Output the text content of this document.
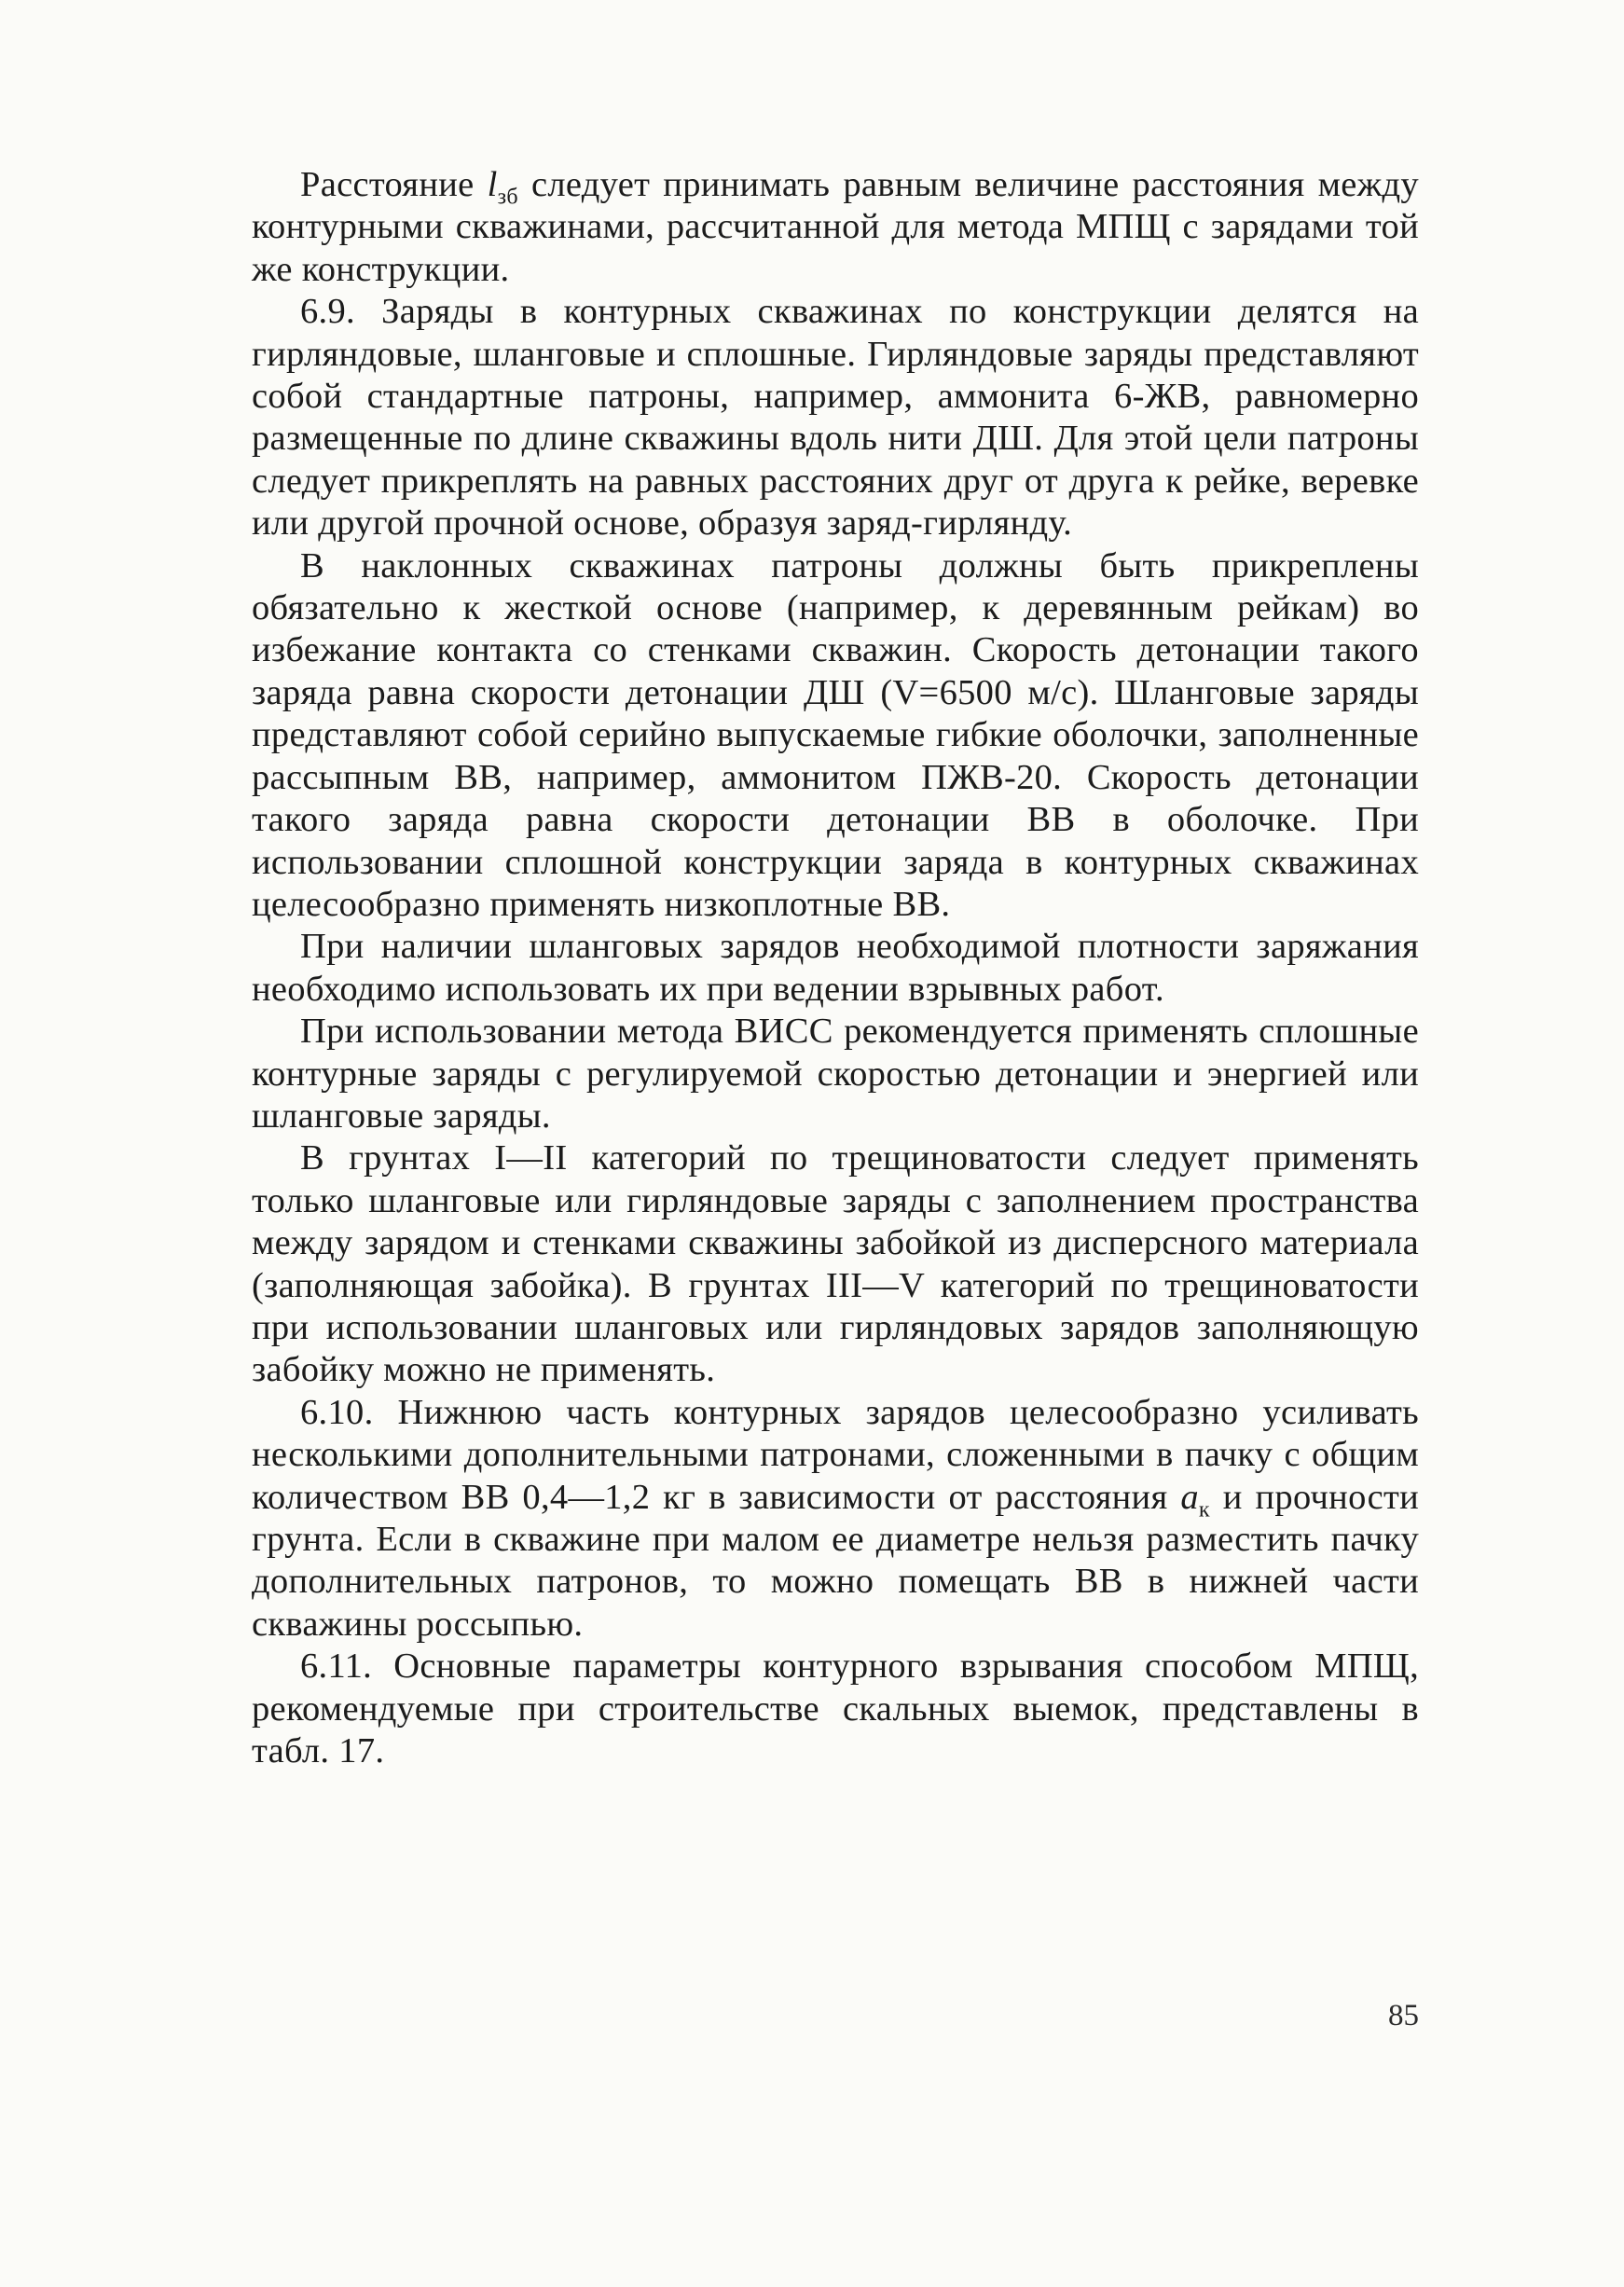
Расстояние $l_{зб}$ следует принимать равным величине расстояния между контурными скважинами, рассчитанной для метода МПЩ с зарядами той же конструкции.

6.9. Заряды в контурных скважинах по конструкции делятся на гирляндовые, шланговые и сплошные. Гирляндовые заряды представляют собой стандартные патроны, например, аммонита 6-ЖВ, равномерно размещенные по длине скважины вдоль нити ДШ. Для этой цели патроны следует прикреплять на равных расстояних друг от друга к рейке, веревке или другой прочной основе, образуя заряд-гирлянду.

В наклонных скважинах патроны должны быть прикреплены обязательно к жесткой основе (например, к деревянным рейкам) во избежание контакта со стенками скважин. Скорость детонации такого заряда равна скорости детонации ДШ (V=6500 м/с). Шланговые заряды представляют собой серийно выпускаемые гибкие оболочки, заполненные рассыпным ВВ, например, аммонитом ПЖВ-20. Скорость детонации такого заряда равна скорости детонации ВВ в оболочке. При использовании сплошной конструкции заряда в контурных скважинах целесообразно применять низкоплотные ВВ.

При наличии шланговых зарядов необходимой плотности заряжания необходимо использовать их при ведении взрывных работ.

При использовании метода ВИСС рекомендуется применять сплошные контурные заряды с регулируемой скоростью детонации и энергией или шланговые заряды.

В грунтах I—II категорий по трещиноватости следует применять только шланговые или гирляндовые заряды с заполнением пространства между зарядом и стенками скважины забойкой из дисперсного материала (заполняющая забойка). В грунтах III—V категорий по трещиноватости при использовании шланговых или гирляндовых зарядов заполняющую забойку можно не применять.

6.10. Нижнюю часть контурных зарядов целесообразно усиливать несколькими дополнительными патронами, сложенными в пачку с общим количеством ВВ 0,4—1,2 кг в зависимости от расстояния $a_к$ и прочности грунта. Если в скважине при малом ее диаметре нельзя разместить пачку дополнительных патронов, то можно помещать ВВ в нижней части скважины россыпью.

6.11. Основные параметры контурного взрывания способом МПЩ, рекомендуемые при строительстве скальных выемок, представлены в табл. 17.

85
